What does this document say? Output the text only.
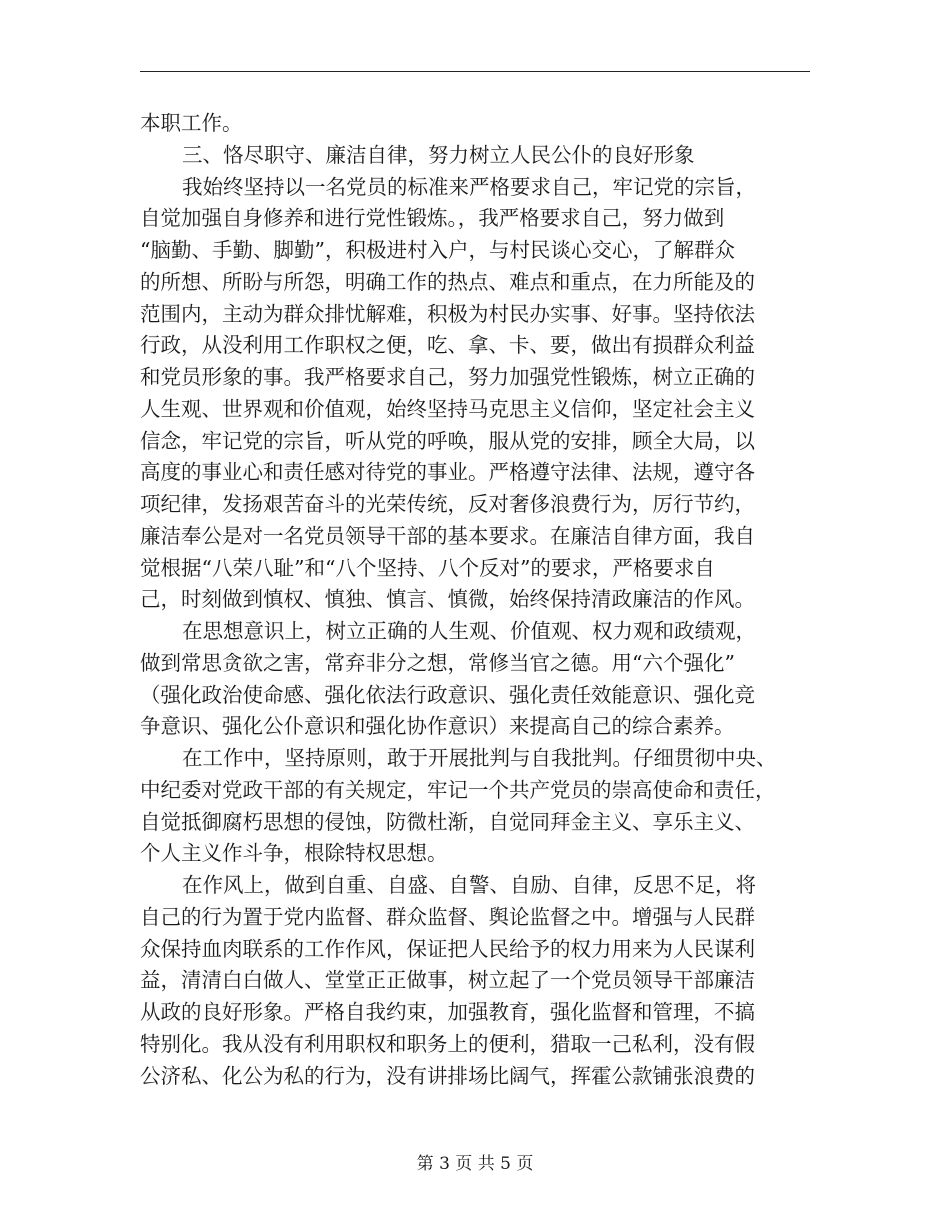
本职工作。
三、恪尽职守、廉洁自律，努力树立人民公仆的良好形象
我始终坚持以一名党员的标准来严格要求自己，牢记党的宗旨，
自觉加强自身修养和进行党性锻炼。，我严格要求自己，努力做到
“脑勤、手勤、脚勤”，积极进村入户，与村民谈心交心，了解群众
的所想、所盼与所怨，明确工作的热点、难点和重点，在力所能及的
范围内，主动为群众排忧解难，积极为村民办实事、好事。坚持依法
行政，从没利用工作职权之便，吃、拿、卡、要，做出有损群众利益
和党员形象的事。我严格要求自己，努力加强党性锻炼，树立正确的
人生观、世界观和价值观，始终坚持马克思主义信仰，坚定社会主义
信念，牢记党的宗旨，听从党的呼唤，服从党的安排，顾全大局，以
高度的事业心和责任感对待党的事业。严格遵守法律、法规，遵守各
项纪律，发扬艰苦奋斗的光荣传统，反对奢侈浪费行为，厉行节约，
廉洁奉公是对一名党员领导干部的基本要求。在廉洁自律方面，我自
觉根据“八荣八耻”和“八个坚持、八个反对”的要求，严格要求自
己，时刻做到慎权、慎独、慎言、慎微，始终保持清政廉洁的作风。
在思想意识上，树立正确的人生观、价值观、权力观和政绩观，
做到常思贪欲之害，常弃非分之想，常修当官之德。用“六个强化”
（强化政治使命感、强化依法行政意识、强化责任效能意识、强化竞
争意识、强化公仆意识和强化协作意识）来提高自己的综合素养。
在工作中，坚持原则，敢于开展批判与自我批判。仔细贯彻中央、
中纪委对党政干部的有关规定，牢记一个共产党员的崇高使命和责任，
自觉抵御腐朽思想的侵蚀，防微杜渐，自觉同拜金主义、享乐主义、
个人主义作斗争，根除特权思想。
在作风上，做到自重、自盛、自警、自励、自律，反思不足，将
自己的行为置于党内监督、群众监督、舆论监督之中。增强与人民群
众保持血肉联系的工作作风，保证把人民给予的权力用来为人民谋利
益，清清白白做人、堂堂正正做事，树立起了一个党员领导干部廉洁
从政的良好形象。严格自我约束，加强教育，强化监督和管理，不搞
特别化。我从没有利用职权和职务上的便利，猎取一己私利，没有假
公济私、化公为私的行为，没有讲排场比阔气，挥霍公款铺张浪费的
第 3 页 共 5 页
